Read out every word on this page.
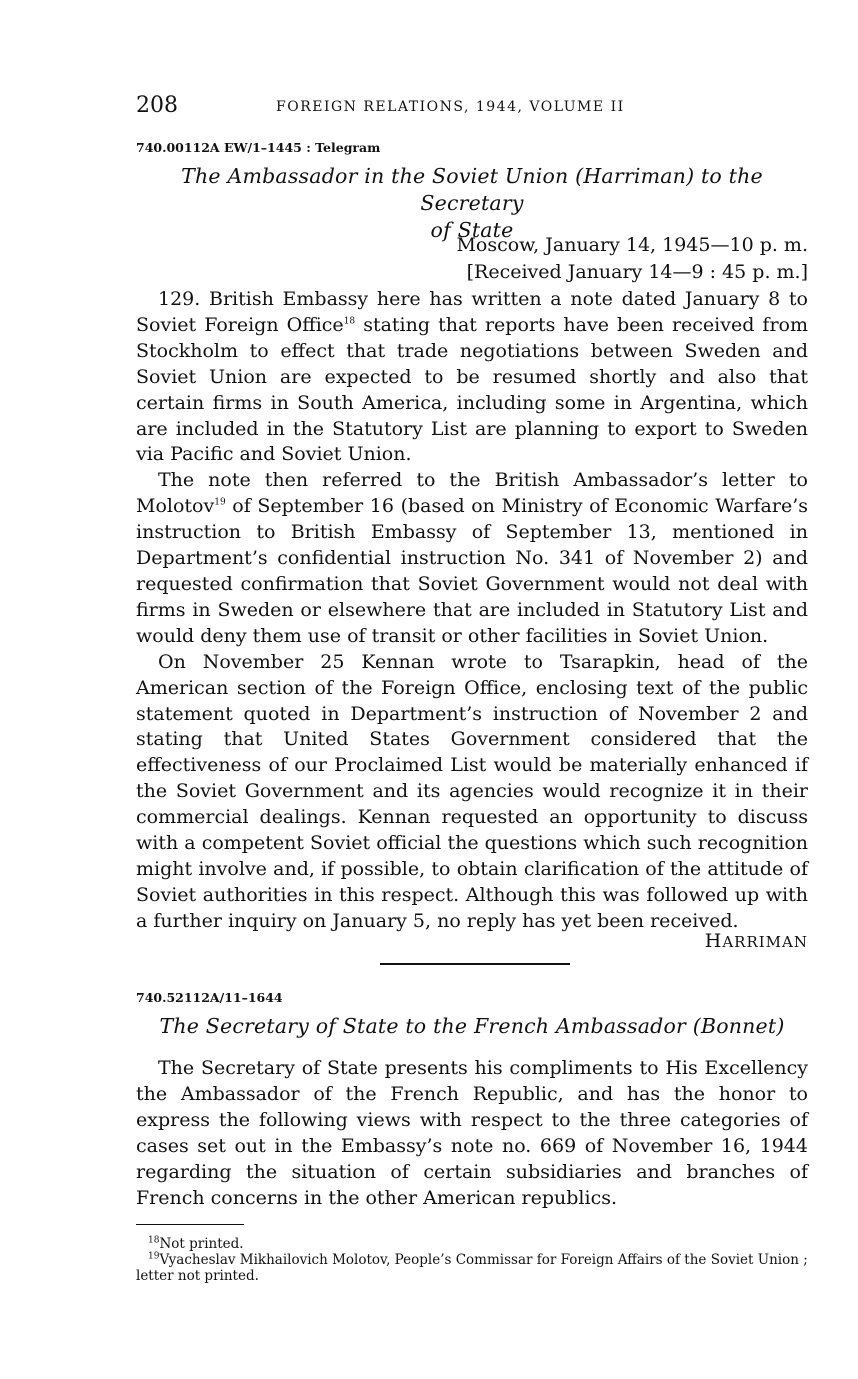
208	FOREIGN RELATIONS, 1944, VOLUME II
740.00112A EW/1–1445 : Telegram
The Ambassador in the Soviet Union (Harriman) to the Secretary
of State
Moscow, January 14, 1945—10 p. m.
[Received January 14—9 : 45 p. m.]

129. British Embassy here has written a note dated January 8 to Soviet Foreign Office$^{18}$ stating that reports have been received from Stockholm to effect that trade negotiations between Sweden and Soviet Union are expected to be resumed shortly and also that certain firms in South America, including some in Argentina, which are included in the Statutory List are planning to export to Sweden via Pacific and Soviet Union.

The note then referred to the British Ambassador’s letter to Molotov$^{19}$ of September 16 (based on Ministry of Economic Warfare’s instruction to British Embassy of September 13, mentioned in Department’s confidential instruction No. 341 of November 2) and requested confirmation that Soviet Government would not deal with firms in Sweden or elsewhere that are included in Statutory List and would deny them use of transit or other facilities in Soviet Union.

On November 25 Kennan wrote to Tsarapkin, head of the American section of the Foreign Office, enclosing text of the public statement quoted in Department’s instruction of November 2 and stating that United States Government considered that the effectiveness of our Proclaimed List would be materially enhanced if the Soviet Government and its agencies would recognize it in their commercial dealings. Kennan requested an opportunity to discuss with a competent Soviet official the questions which such recognition might involve and, if possible, to obtain clarification of the attitude of Soviet authorities in this respect. Although this was followed up with a further inquiry on January 5, no reply has yet been received.

HARRIMAN
740.52112A/11–1644
The Secretary of State to the French Ambassador (Bonnet)

The Secretary of State presents his compliments to His Excellency the Ambassador of the French Republic, and has the honor to express the following views with respect to the three categories of cases set out in the Embassy’s note no. 669 of November 16, 1944 regarding the situation of certain subsidiaries and branches of French concerns in the other American republics.

$^{18}$Not printed.

$^{19}$Vyacheslav Mikhailovich Molotov, People’s Commissar for Foreign Affairs of the Soviet Union ; letter not printed.
